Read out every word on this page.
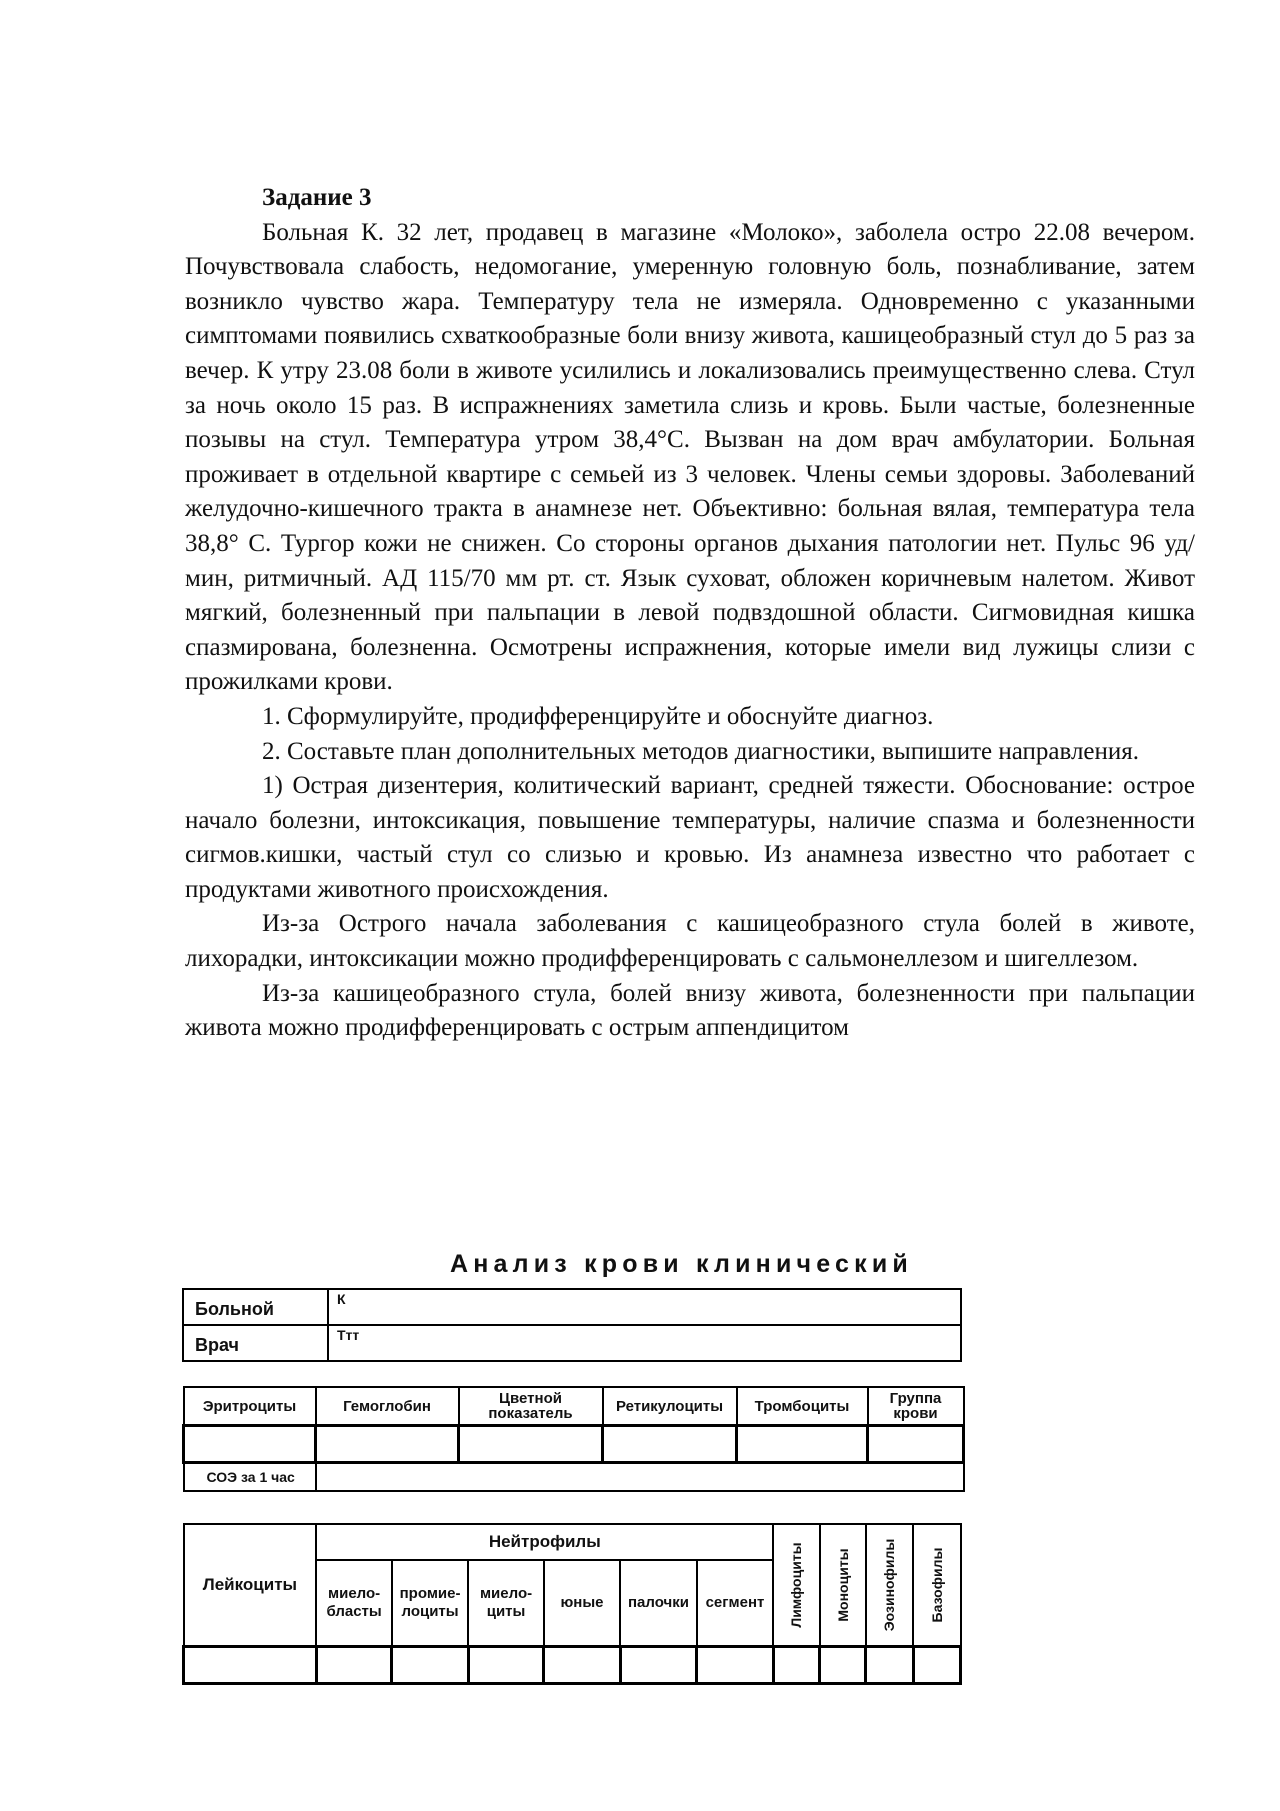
Задание 3

Больная К. 32 лет, продавец в магазине «Молоко», заболела остро 22.08 вечером. Почувствовала слабость, недомогание, умеренную головную боль, познабливание, затем возникло чувство жара. Температуру тела не измеряла. Одновременно с указанными симптомами появились схваткообразные боли внизу живота, кашицеобразный стул до 5 раз за вечер. К утру 23.08 боли в животе усилились и локализовались преимущественно слева. Стул за ночь около 15 раз. В испражнениях заметила слизь и кровь. Были частые, болезненные позывы на стул. Температура утром 38,4°С. Вызван на дом врач амбулатории. Больная проживает в отдельной квартире с семьей из 3 человек. Члены семьи здоровы. Заболеваний желудочно-кишечного тракта в анамнезе нет. Объективно: больная вялая, температура тела 38,8° С. Тургор кожи не снижен. Со стороны органов дыхания патологии нет. Пульс 96 уд/мин, ритмичный. АД 115/70 мм рт. ст. Язык суховат, обложен коричневым налетом. Живот мягкий, болезненный при пальпации в левой подвздошной области. Сигмовидная кишка спазмирована, болезненна. Осмотрены испражнения, которые имели вид лужицы слизи с прожилками крови.

1. Сформулируйте, продифференцируйте и обоснуйте диагноз.

2. Составьте план дополнительных методов диагностики, выпишите направления.

1) Острая дизентерия, колитический вариант, средней тяжести. Обоснование: острое начало болезни, интоксикация, повышение температуры, наличие спазма и болезненности сигмов.кишки, частый стул со слизью и кровью. Из анамнеза известно что работает с продуктами животного происхождения.

Из-за Острого начала заболевания с кашицеобразного стула болей в животе, лихорадки, интоксикации можно продифференцировать с сальмонеллезом и шигеллезом.

Из-за кашицеобразного стула, болей внизу живота, болезненности при пальпации живота можно продифференцировать с острым аппендицитом

Анализ крови клинический
Больной	К
Врач	Ттт
Эритроциты	Гемоглобин	Цветной показатель	Ретикулоциты	Тромбоциты	Группа крови

СОЭ за 1 час					
Лейкоциты	Нейтрофилы						Лимфоциты	Моноциты	Эозинофилы	Базофилы

	миело-бласты	промие-лоциты	миело-циты	юные	палочки	сегмент				
